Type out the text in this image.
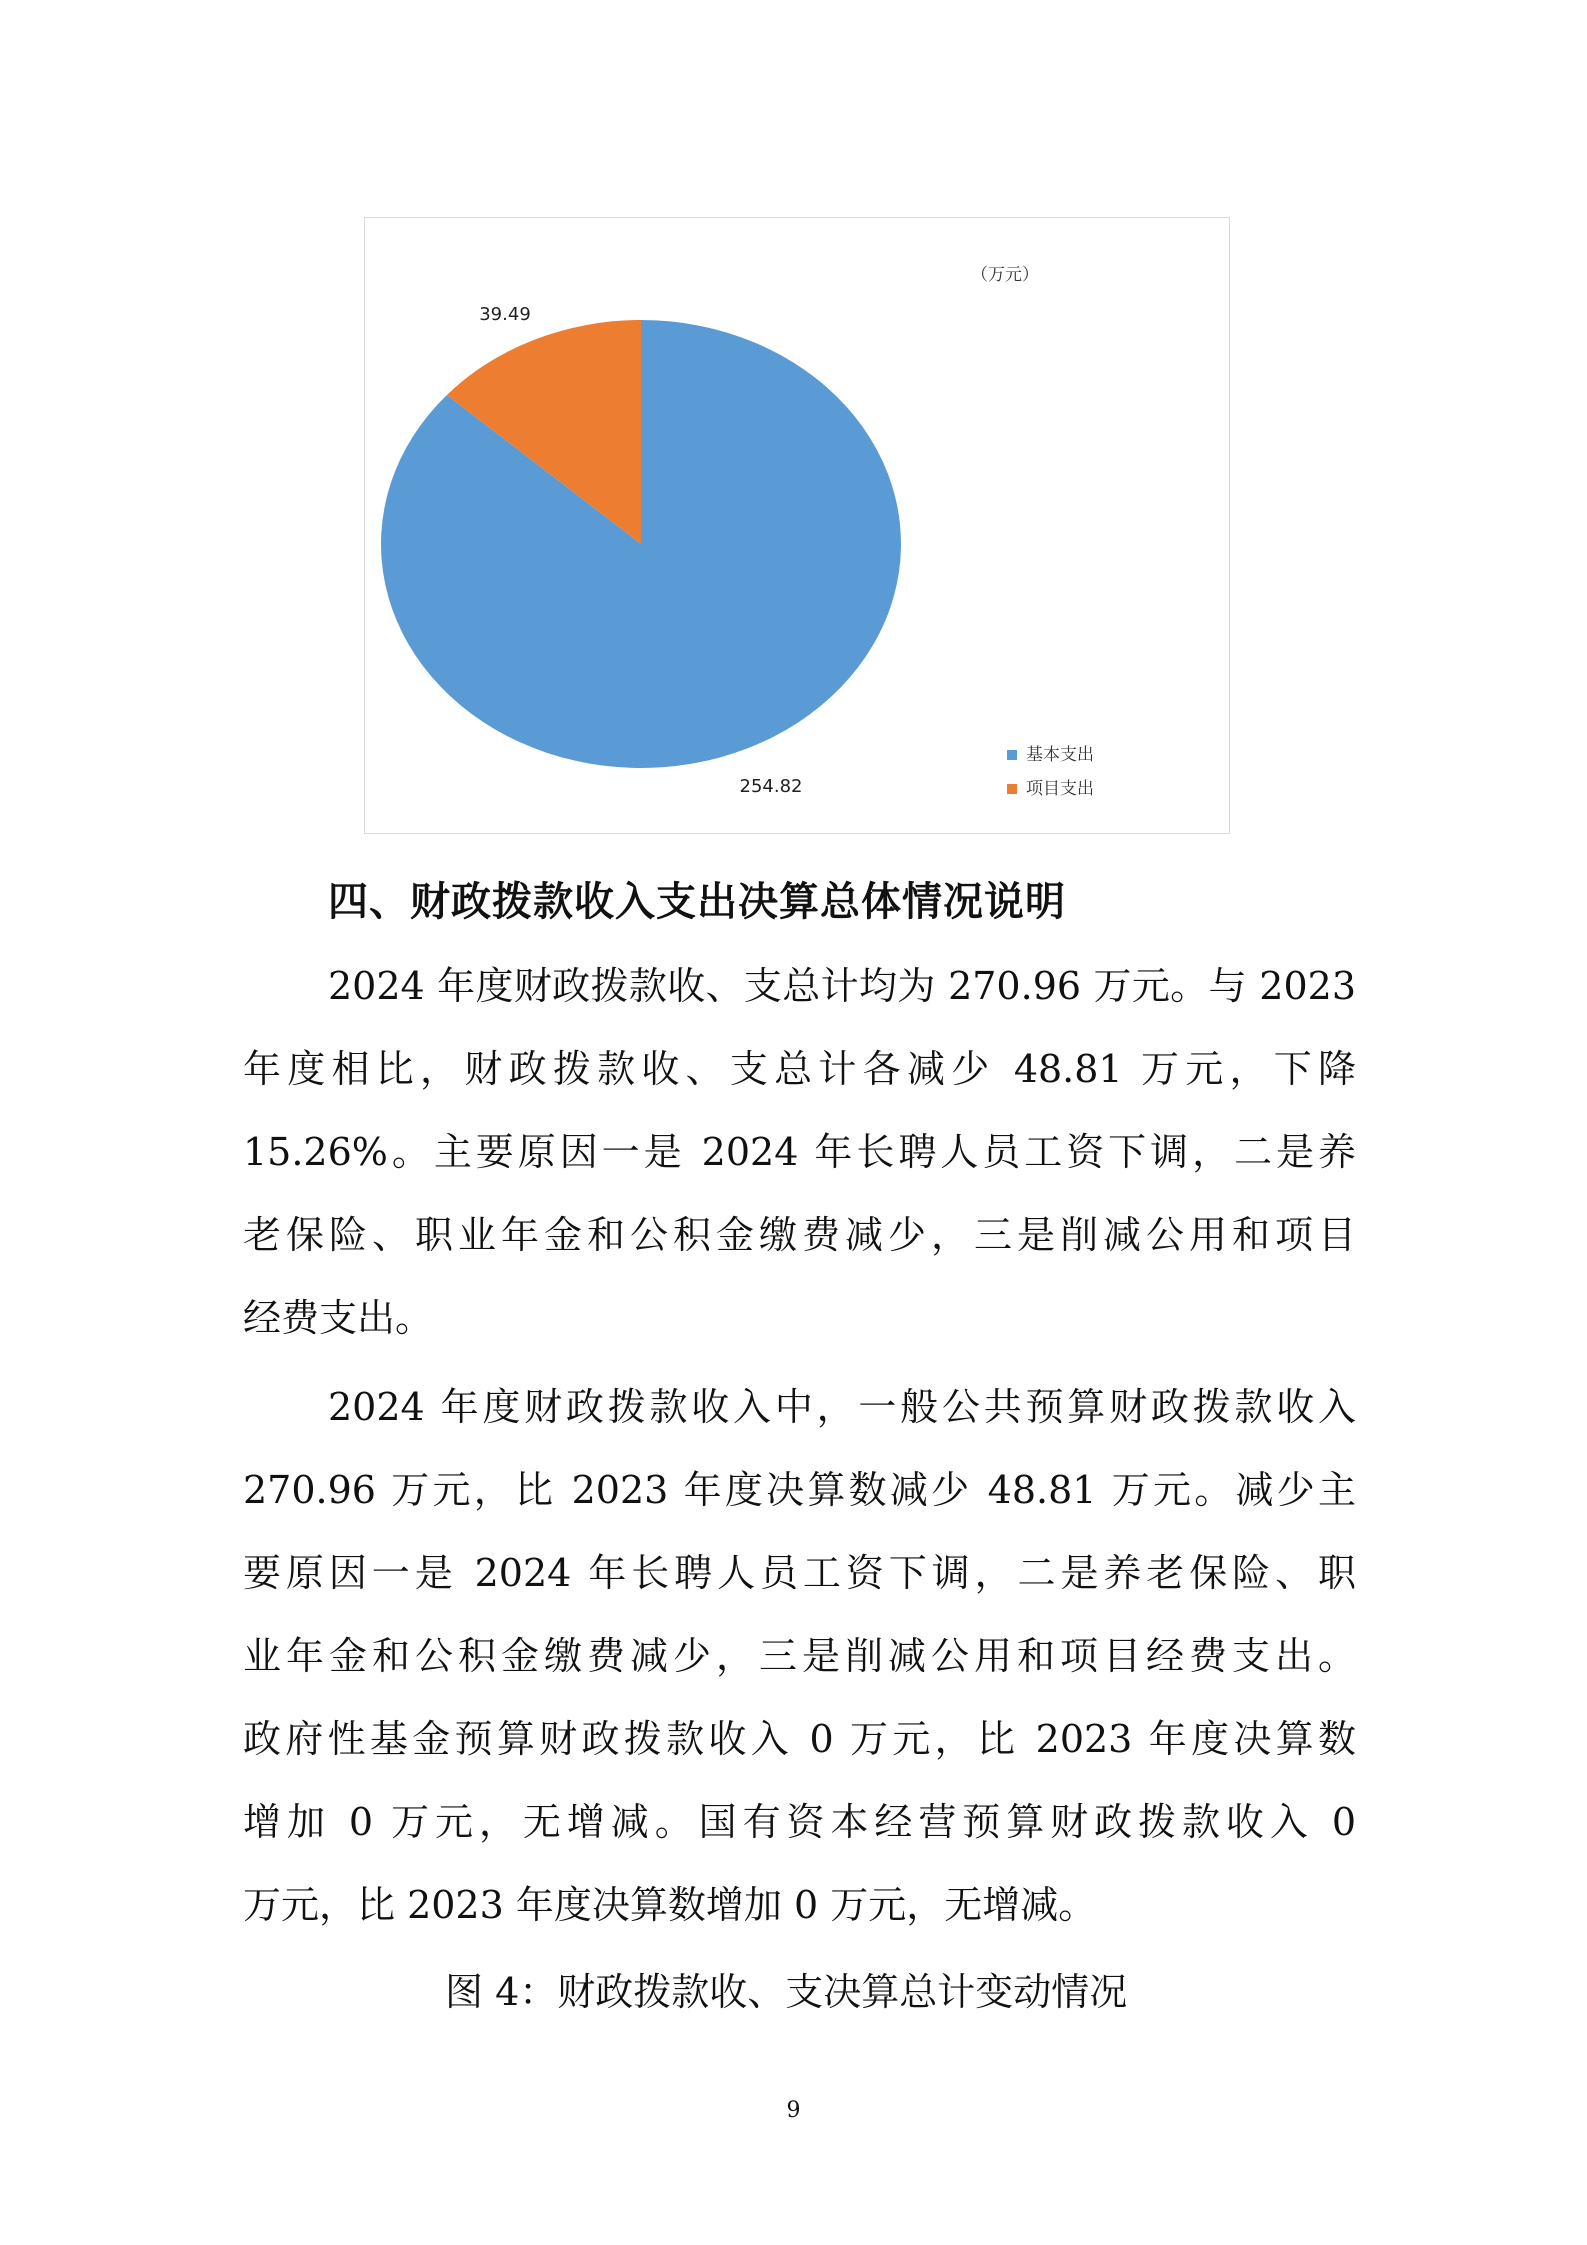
（万元）
39.49
254.82
基本支出
项目支出
四、财政拨款收入支出决算总体情况说明
2024 年度财政拨款收、支总计均为 270.96 万元。与 2023
年度相比，财政拨款收、支总计各减少 48.81 万元，下降
15.26%。主要原因一是 2024 年长聘人员工资下调，二是养
老保险、职业年金和公积金缴费减少，三是削减公用和项目
经费支出。
2024 年度财政拨款收入中，一般公共预算财政拨款收入
270.96 万元，比 2023 年度决算数减少 48.81 万元。减少主
要原因一是 2024 年长聘人员工资下调，二是养老保险、职
业年金和公积金缴费减少，三是削减公用和项目经费支出。
政府性基金预算财政拨款收入 0 万元，比 2023 年度决算数
增加 0 万元，无增减。国有资本经营预算财政拨款收入 0
万元，比 2023 年度决算数增加 0 万元，无增减。
图 4：财政拨款收、支决算总计变动情况
9
